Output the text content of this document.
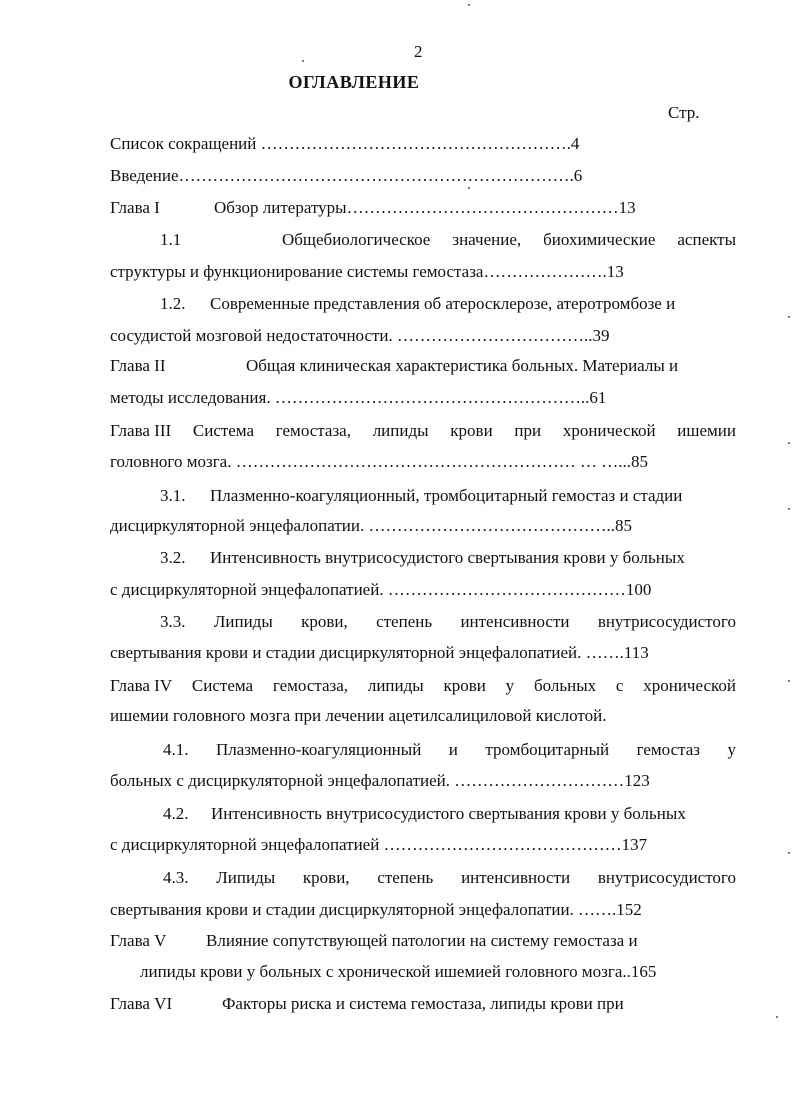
2
ОГЛАВЛЕНИЕ
Стр.
Список сокращений ……………………………………………….4
Введение…………………………………………………………….6
Глава I	Обзор литературы…………………………………………13
1.1	Общебиологическое значение, биохимические аспекты
структуры и функционирование системы гемостаза………………….13
1.2. Современные представления об атеросклерозе, атеротромбозе и
сосудистой мозговой недостаточности. ……………………………..39
Глава II	Общая клиническая характеристика больных. Материалы и
методы исследования. ………………………………………………..61
Глава III Система гемостаза, липиды крови при хронической ишемии
головного мозга. …………………………………………………… … …...85
3.1. Плазменно-коагуляционный, тромбоцитарный гемостаз и стадии
дисциркуляторной энцефалопатии. ……………………………………..85
3.2. Интенсивность внутрисосудистого свертывания крови у больных
с дисциркуляторной энцефалопатией. ……………………………………100
3.3. Липиды крови, степень интенсивности внутрисосудистого
свертывания крови и стадии дисциркуляторной энцефалопатией. …….113
Глава IV Система гемостаза, липиды крови у больных с хронической
ишемии головного мозга при лечении ацетилсалициловой кислотой.
4.1. Плазменно-коагуляционный и тромбоцитарный гемостаз у
больных с дисциркуляторной энцефалопатией. …………………………123
4.2. Интенсивность внутрисосудистого свертывания крови у больных
с дисциркуляторной энцефалопатией ……………………………………137
4.3. Липиды крови, степень интенсивности внутрисосудистого
свертывания крови и стадии дисциркуляторной энцефалопатии. …….152
Глава V Влияние сопутствующей патологии на систему гемостаза и
липиды крови у больных с хронической ишемией головного мозга..165
Глава VI	Факторы риска и система гемостаза, липиды крови при
